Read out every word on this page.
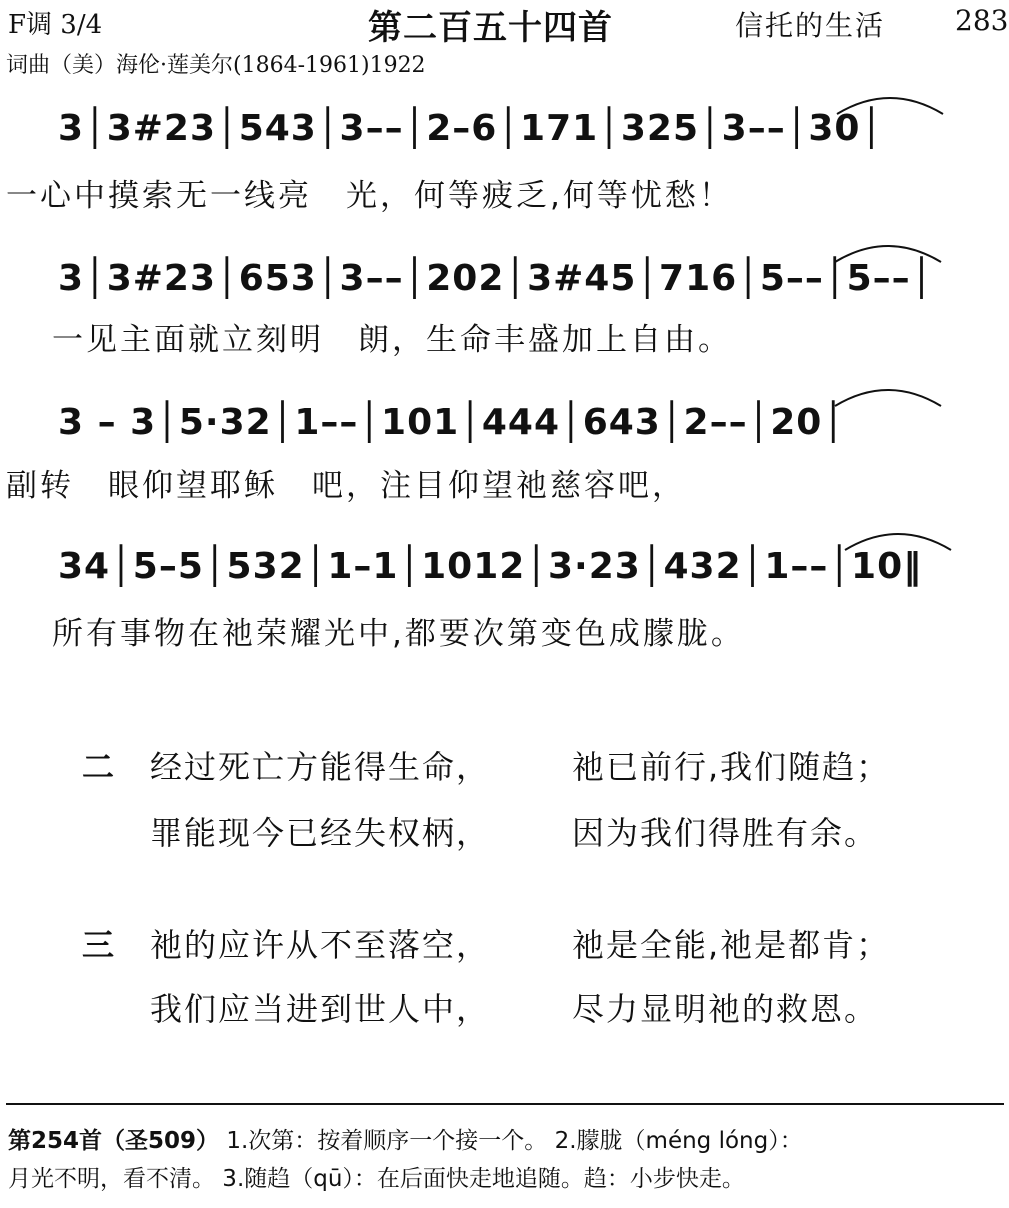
F调 3/4	第二百五十四首	信托的生活 283
词曲（美）海伦·莲美尔(1864-1961)1922
3│3#23│543│3––│2–6│171│325│3––│30│
一心中摸索无一线亮　光，何等疲乏,何等忧愁！
3│3#23│653│3––│202│3#45│716│5––│5––│
一见主面就立刻明　朗，生命丰盛加上自由。
3 – 3│5·32│1––│101│444│643│2––│20│
副转　眼仰望耶稣　吧，注目仰望祂慈容吧，
34│5–5│532│1–1│1012│3·23│432│1––│10‖
所有事物在祂荣耀光中,都要次第变色成朦胧。
二 经过死亡方能得生命，	祂已前行,我们随趋；
罪能现今已经失权柄，	因为我们得胜有余。
三 祂的应许从不至落空，	祂是全能,祂是都肯；
我们应当进到世人中，	尽力显明祂的救恩。
第254首（圣509） 1.次第：按着顺序一个接一个。 2.朦胧（méng lóng）：
月光不明，看不清。 3.随趋（qū）：在后面快走地追随。趋：小步快走。
